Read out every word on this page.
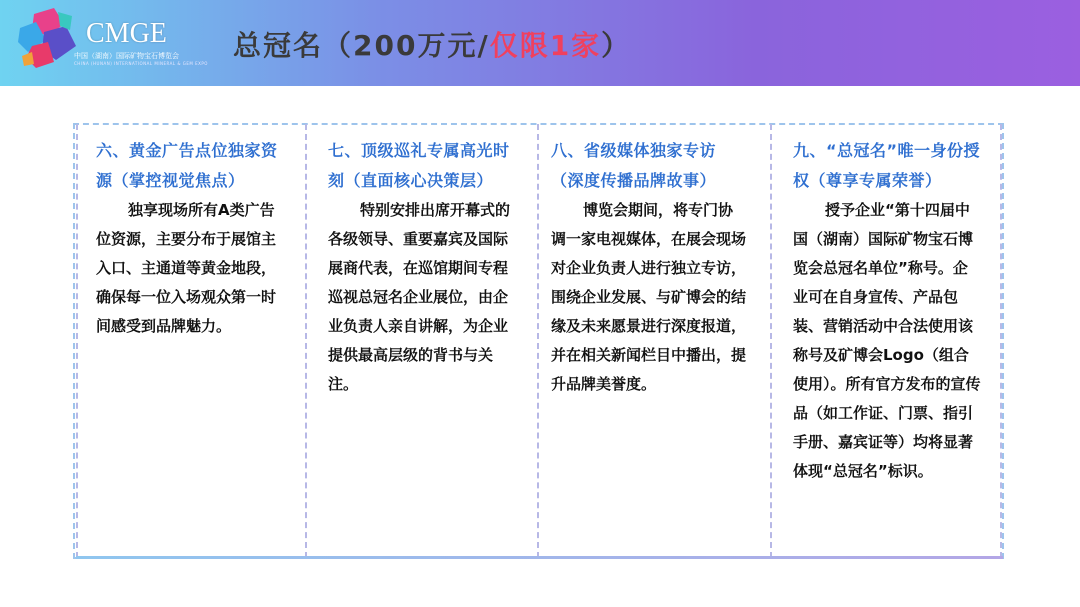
CMGE
中国（湖南）国际矿物宝石博览会
CHINA (HUNAN) INTERNATIONAL MINERAL & GEM EXPO
总冠名（200万元/仅限1家）
六、黄金广告点位独家资源（掌控视觉焦点）
独享现场所有A类广告位资源，主要分布于展馆主入口、主通道等黄金地段，确保每一位入场观众第一时间感受到品牌魅力。
七、顶级巡礼专属高光时刻（直面核心决策层）
特别安排出席开幕式的各级领导、重要嘉宾及国际展商代表，在巡馆期间专程巡视总冠名企业展位，由企业负责人亲自讲解，为企业提供最高层级的背书与关注。
八、省级媒体独家专访（深度传播品牌故事）
博览会期间，将专门协调一家电视媒体，在展会现场对企业负责人进行独立专访，围绕企业发展、与矿博会的结缘及未来愿景进行深度报道，并在相关新闻栏目中播出，提升品牌美誉度。
九、“总冠名”唯一身份授权（尊享专属荣誉）
授予企业“第十四届中国（湖南）国际矿物宝石博览会总冠名单位”称号。企业可在自身宣传、产品包装、营销活动中合法使用该称号及矿博会Logo（组合使用）。所有官方发布的宣传品（如工作证、门票、指引手册、嘉宾证等）均将显著体现“总冠名”标识。
